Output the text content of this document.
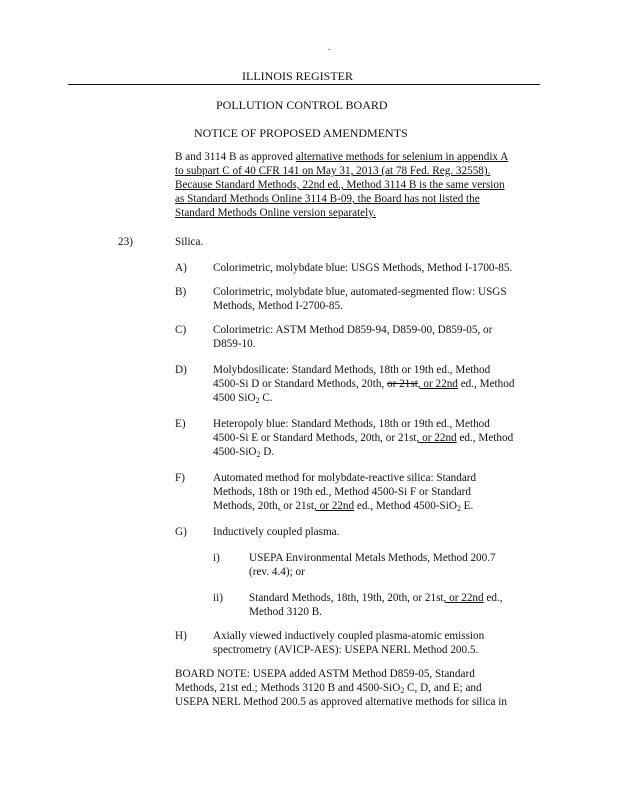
.
ILLINOIS REGISTER
POLLUTION CONTROL BOARD
NOTICE OF PROPOSED AMENDMENTS
B and 3114 B as approved alternative methods for selenium in appendix A
to subpart C of 40 CFR 141 on May 31, 2013 (at 78 Fed. Reg. 32558).
Because Standard Methods, 22nd ed., Method 3114 B is the same version
as Standard Methods Online 3114 B-09, the Board has not listed the
Standard Methods Online version separately.
23)	Silica.
A) Colorimetric, molybdate blue: USGS Methods, Method I-1700-85.
B) Colorimetric, molybdate blue, automated-segmented flow: USGS
Methods, Method I-2700-85.
C) Colorimetric: ASTM Method D859-94, D859-00, D859-05, or
D859-10.
D) Molybdosilicate: Standard Methods, 18th or 19th ed., Method
4500-Si D or Standard Methods, 20th, or 21st, or 22nd ed., Method
4500 SiO$_2$ C.
E) Heteropoly blue: Standard Methods, 18th or 19th ed., Method
4500-Si E or Standard Methods, 20th, or 21st, or 22nd ed., Method
4500-SiO$_2$ D.
F)	Automated method for molybdate-reactive silica: Standard
Methods, 18th or 19th ed., Method 4500-Si F or Standard
Methods, 20th, or 21st, or 22nd ed., Method 4500-SiO$_2$ E.
G) Inductively coupled plasma.
i)	USEPA Environmental Metals Methods, Method 200.7
(rev. 4.4); or
ii) Standard Methods, 18th, 19th, 20th, or 21st, or 22nd ed.,
Method 3120 B.
H) Axially viewed inductively coupled plasma-atomic emission
spectrometry (AVICP-AES): USEPA NERL Method 200.5.
BOARD NOTE: USEPA added ASTM Method D859-05, Standard
Methods, 21st ed.; Methods 3120 B and 4500-SiO$_2$ C, D, and E; and
USEPA NERL Method 200.5 as approved alternative methods for silica in
